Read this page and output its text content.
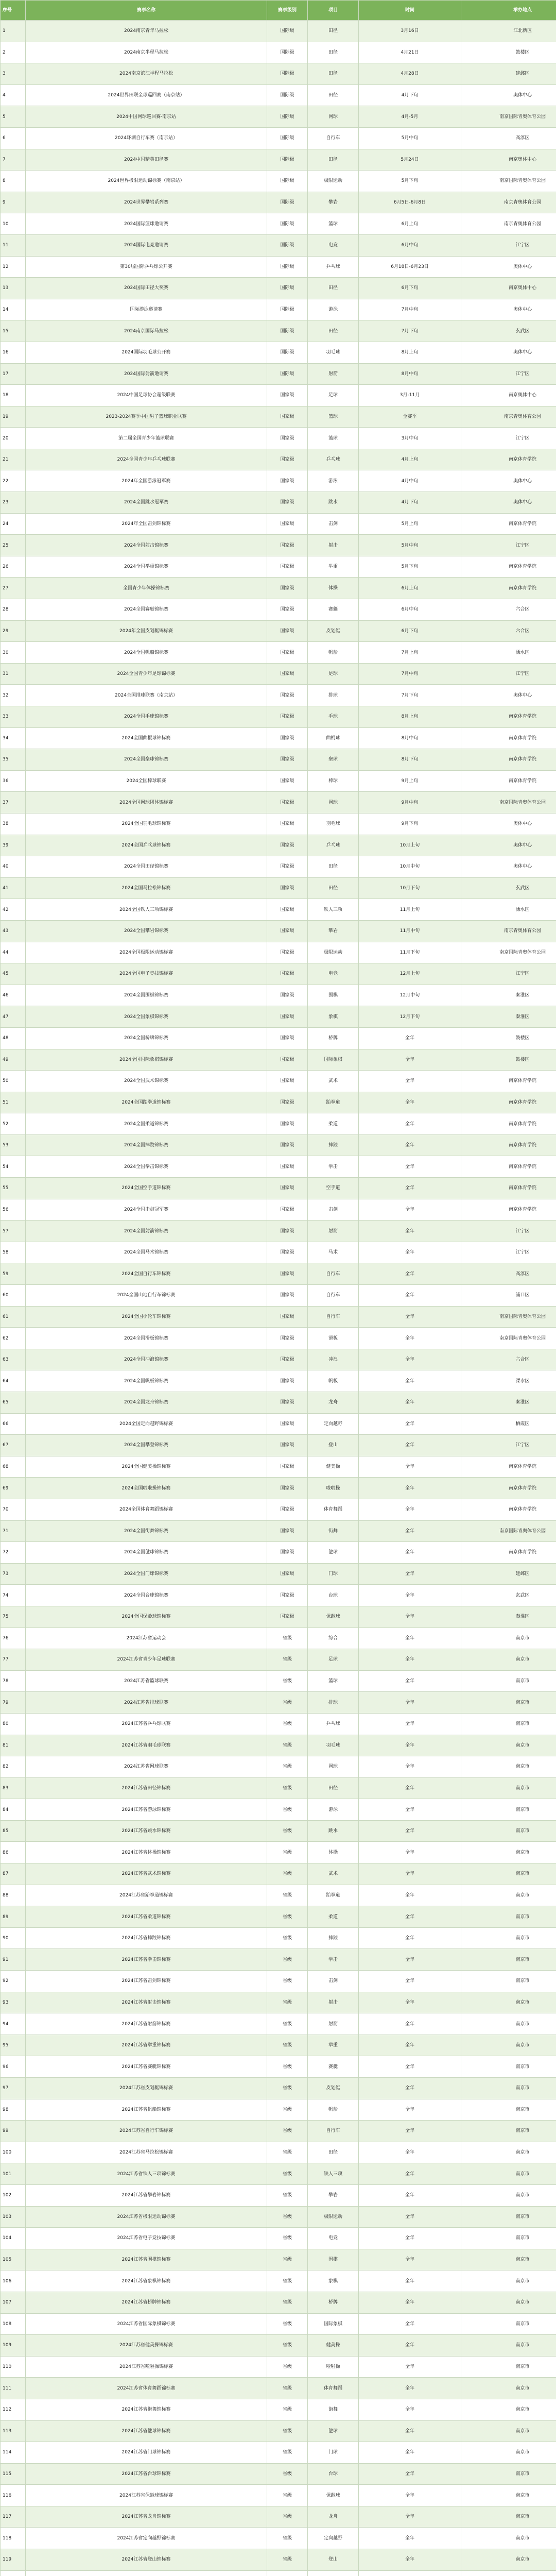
序号	赛事名称	赛事级别	项目	时间	举办地点
1	2024南京青年马拉松	国际级	田径	3月16日	江北新区
2	2024南京半程马拉松	国际级	田径	4月21日	鼓楼区
3	2024南京滨江半程马拉松	国际级	田径	4月28日	建邺区
4	2024世界田联全球巡回赛（南京站）	国际级	田径	4月下旬	奥体中心
5	2024中国网球巡回赛·南京站	国际级	网球	4月-5月	南京国际青奥体育公园
6	2024环湖自行车赛（南京站）	国际级	自行车	5月中旬	高淳区
7	2024中国精英田径赛	国际级	田径	5月24日	南京奥体中心
8	2024世界极限运动锦标赛（南京站）	国际级	极限运动	5月下旬	南京国际青奥体育公园
9	2024世界攀岩系列赛	国际级	攀岩	6月5日-6月8日	南京青奥体育公园
10	2024国际篮球邀请赛	国际级	篮球	6月上旬	南京青奥体育公园
11	2024国际电竞邀请赛	国际级	电竞	6月中旬	江宁区
12	第30届国际乒乓球公开赛	国际级	乒乓球	6月18日-6月23日	奥体中心
13	2024国际田径大奖赛	国际级	田径	6月下旬	南京奥体中心
14	国际游泳邀请赛	国际级	游泳	7月中旬	奥体中心
15	2024南京国际马拉松	国际级	田径	7月下旬	玄武区
16	2024国际羽毛球公开赛	国际级	羽毛球	8月上旬	奥体中心
17	2024国际射箭邀请赛	国际级	射箭	8月中旬	江宁区
18	2024中国足球协会超级联赛	国家级	足球	3月-11月	南京奥体中心
19	2023-2024赛季中国男子篮球职业联赛	国家级	篮球	全赛季	南京青奥体育公园
20	第二届全国青少年篮球联赛	国家级	篮球	3月中旬	江宁区
21	2024全国青少年乒乓球联赛	国家级	乒乓球	4月上旬	南京体育学院
22	2024年全国游泳冠军赛	国家级	游泳	4月中旬	奥体中心
23	2024全国跳水冠军赛	国家级	跳水	4月下旬	奥体中心
24	2024年全国击剑锦标赛	国家级	击剑	5月上旬	南京体育学院
25	2024全国射击锦标赛	国家级	射击	5月中旬	江宁区
26	2024全国举重锦标赛	国家级	举重	5月下旬	南京体育学院
27	全国青少年体操锦标赛	国家级	体操	6月上旬	南京体育学院
28	2024全国赛艇锦标赛	国家级	赛艇	6月中旬	六合区
29	2024年全国皮划艇锦标赛	国家级	皮划艇	6月下旬	六合区
30	2024全国帆船锦标赛	国家级	帆船	7月上旬	溧水区
31	2024全国青少年足球锦标赛	国家级	足球	7月中旬	江宁区
32	2024全国排球联赛（南京站）	国家级	排球	7月下旬	奥体中心
33	2024全国手球锦标赛	国家级	手球	8月上旬	南京体育学院
34	2024全国曲棍球锦标赛	国家级	曲棍球	8月中旬	南京体育学院
35	2024全国垒球锦标赛	国家级	垒球	8月下旬	南京体育学院
36	2024全国棒球联赛	国家级	棒球	9月上旬	南京体育学院
37	2024全国网球团体锦标赛	国家级	网球	9月中旬	南京国际青奥体育公园
38	2024全国羽毛球锦标赛	国家级	羽毛球	9月下旬	奥体中心
39	2024全国乒乓球锦标赛	国家级	乒乓球	10月上旬	奥体中心
40	2024全国田径锦标赛	国家级	田径	10月中旬	奥体中心
41	2024全国马拉松锦标赛	国家级	田径	10月下旬	玄武区
42	2024全国铁人三项锦标赛	国家级	铁人三项	11月上旬	溧水区
43	2024全国攀岩锦标赛	国家级	攀岩	11月中旬	南京青奥体育公园
44	2024全国极限运动锦标赛	国家级	极限运动	11月下旬	南京国际青奥体育公园
45	2024全国电子竞技锦标赛	国家级	电竞	12月上旬	江宁区
46	2024全国围棋锦标赛	国家级	围棋	12月中旬	秦淮区
47	2024全国象棋锦标赛	国家级	象棋	12月下旬	秦淮区
48	2024全国桥牌锦标赛	国家级	桥牌	全年	鼓楼区
49	2024全国国际象棋锦标赛	国家级	国际象棋	全年	鼓楼区
50	2024全国武术锦标赛	国家级	武术	全年	南京体育学院
51	2024全国跆拳道锦标赛	国家级	跆拳道	全年	南京体育学院
52	2024全国柔道锦标赛	国家级	柔道	全年	南京体育学院
53	2024全国摔跤锦标赛	国家级	摔跤	全年	南京体育学院
54	2024全国拳击锦标赛	国家级	拳击	全年	南京体育学院
55	2024全国空手道锦标赛	国家级	空手道	全年	南京体育学院
56	2024全国击剑冠军赛	国家级	击剑	全年	南京体育学院
57	2024全国射箭锦标赛	国家级	射箭	全年	江宁区
58	2024全国马术锦标赛	国家级	马术	全年	江宁区
59	2024全国自行车锦标赛	国家级	自行车	全年	高淳区
60	2024全国山地自行车锦标赛	国家级	自行车	全年	浦口区
61	2024全国小轮车锦标赛	国家级	自行车	全年	南京国际青奥体育公园
62	2024全国滑板锦标赛	国家级	滑板	全年	南京国际青奥体育公园
63	2024全国冲浪锦标赛	国家级	冲浪	全年	六合区
64	2024全国帆板锦标赛	国家级	帆板	全年	溧水区
65	2024全国龙舟锦标赛	国家级	龙舟	全年	秦淮区
66	2024全国定向越野锦标赛	国家级	定向越野	全年	栖霞区
67	2024全国攀登锦标赛	国家级	登山	全年	江宁区
68	2024全国健美操锦标赛	国家级	健美操	全年	南京体育学院
69	2024全国啦啦操锦标赛	国家级	啦啦操	全年	南京体育学院
70	2024全国体育舞蹈锦标赛	国家级	体育舞蹈	全年	南京体育学院
71	2024全国街舞锦标赛	国家级	街舞	全年	南京国际青奥体育公园
72	2024全国毽球锦标赛	国家级	毽球	全年	南京体育学院
73	2024全国门球锦标赛	国家级	门球	全年	建邺区
74	2024全国台球锦标赛	国家级	台球	全年	玄武区
75	2024全国保龄球锦标赛	国家级	保龄球	全年	秦淮区
76	2024江苏省运动会	省级	综合	全年	南京市
77	2024江苏省青少年足球联赛	省级	足球	全年	南京市
78	2024江苏省篮球联赛	省级	篮球	全年	南京市
79	2024江苏省排球联赛	省级	排球	全年	南京市
80	2024江苏省乒乓球联赛	省级	乒乓球	全年	南京市
81	2024江苏省羽毛球联赛	省级	羽毛球	全年	南京市
82	2024江苏省网球联赛	省级	网球	全年	南京市
83	2024江苏省田径锦标赛	省级	田径	全年	南京市
84	2024江苏省游泳锦标赛	省级	游泳	全年	南京市
85	2024江苏省跳水锦标赛	省级	跳水	全年	南京市
86	2024江苏省体操锦标赛	省级	体操	全年	南京市
87	2024江苏省武术锦标赛	省级	武术	全年	南京市
88	2024江苏省跆拳道锦标赛	省级	跆拳道	全年	南京市
89	2024江苏省柔道锦标赛	省级	柔道	全年	南京市
90	2024江苏省摔跤锦标赛	省级	摔跤	全年	南京市
91	2024江苏省拳击锦标赛	省级	拳击	全年	南京市
92	2024江苏省击剑锦标赛	省级	击剑	全年	南京市
93	2024江苏省射击锦标赛	省级	射击	全年	南京市
94	2024江苏省射箭锦标赛	省级	射箭	全年	南京市
95	2024江苏省举重锦标赛	省级	举重	全年	南京市
96	2024江苏省赛艇锦标赛	省级	赛艇	全年	南京市
97	2024江苏省皮划艇锦标赛	省级	皮划艇	全年	南京市
98	2024江苏省帆船锦标赛	省级	帆船	全年	南京市
99	2024江苏省自行车锦标赛	省级	自行车	全年	南京市
100	2024江苏省马拉松锦标赛	省级	田径	全年	南京市
101	2024江苏省铁人三项锦标赛	省级	铁人三项	全年	南京市
102	2024江苏省攀岩锦标赛	省级	攀岩	全年	南京市
103	2024江苏省极限运动锦标赛	省级	极限运动	全年	南京市
104	2024江苏省电子竞技锦标赛	省级	电竞	全年	南京市
105	2024江苏省围棋锦标赛	省级	围棋	全年	南京市
106	2024江苏省象棋锦标赛	省级	象棋	全年	南京市
107	2024江苏省桥牌锦标赛	省级	桥牌	全年	南京市
108	2024江苏省国际象棋锦标赛	省级	国际象棋	全年	南京市
109	2024江苏省健美操锦标赛	省级	健美操	全年	南京市
110	2024江苏省啦啦操锦标赛	省级	啦啦操	全年	南京市
111	2024江苏省体育舞蹈锦标赛	省级	体育舞蹈	全年	南京市
112	2024江苏省街舞锦标赛	省级	街舞	全年	南京市
113	2024江苏省毽球锦标赛	省级	毽球	全年	南京市
114	2024江苏省门球锦标赛	省级	门球	全年	南京市
115	2024江苏省台球锦标赛	省级	台球	全年	南京市
116	2024江苏省保龄球锦标赛	省级	保龄球	全年	南京市
117	2024江苏省龙舟锦标赛	省级	龙舟	全年	南京市
118	2024江苏省定向越野锦标赛	省级	定向越野	全年	南京市
119	2024江苏省登山锦标赛	省级	登山	全年	南京市
